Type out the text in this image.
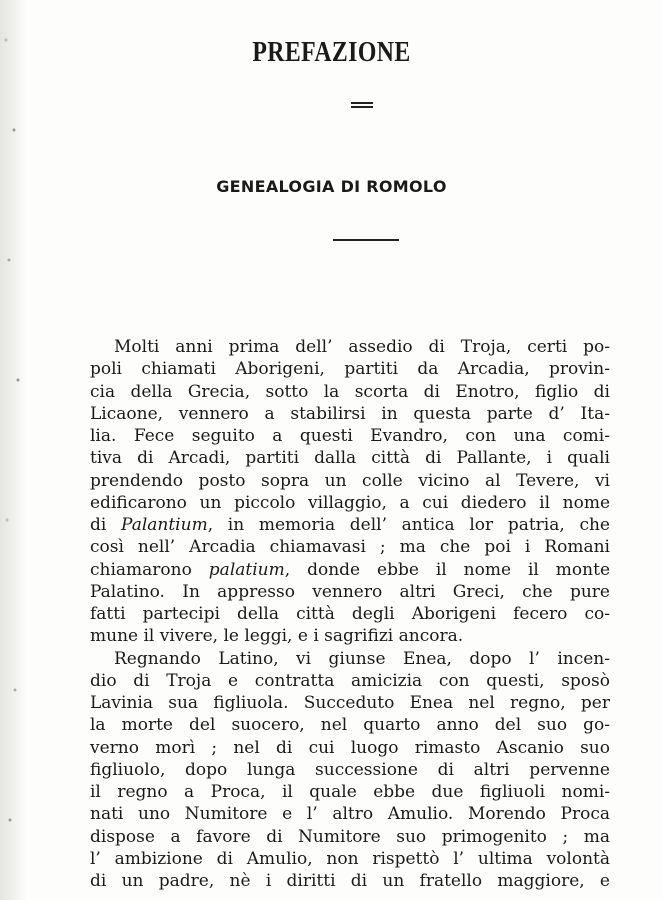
PREFAZIONE
GENEALOGIA DI ROMOLO
Molti anni prima dell’ assedio di Troja, certi po-
poli chiamati Aborigeni, partiti da Arcadia, provin-
cia della Grecia, sotto la scorta di Enotro, figlio di
Licaone, vennero a stabilirsi in questa parte d’ Ita-
lia. Fece seguito a questi Evandro, con una comi-
tiva di Arcadi, partiti dalla città di Pallante, i quali
prendendo posto sopra un colle vicino al Tevere, vi
edificarono un piccolo villaggio, a cui diedero il nome
di Palantium, in memoria dell’ antica lor patria, che
così nell’ Arcadia chiamavasi ; ma che poi i Romani
chiamarono palatium, donde ebbe il nome il monte
Palatino. In appresso vennero altri Greci, che pure
fatti partecipi della città degli Aborigeni fecero co-
mune il vivere, le leggi, e i sagrifizi ancora.
Regnando Latino, vi giunse Enea, dopo l’ incen-
dio di Troja e contratta amicizia con questi, sposò
Lavinia sua figliuola. Succeduto Enea nel regno, per
la morte del suocero, nel quarto anno del suo go-
verno morì ; nel di cui luogo rimasto Ascanio suo
figliuolo, dopo lunga successione di altri pervenne
il regno a Proca, il quale ebbe due figliuoli nomi-
nati uno Numitore e l’ altro Amulio. Morendo Proca
dispose a favore di Numitore suo primogenito ; ma
l’ ambizione di Amulio, non rispettò l’ ultima volontà
di un padre, nè i diritti di un fratello maggiore, e
